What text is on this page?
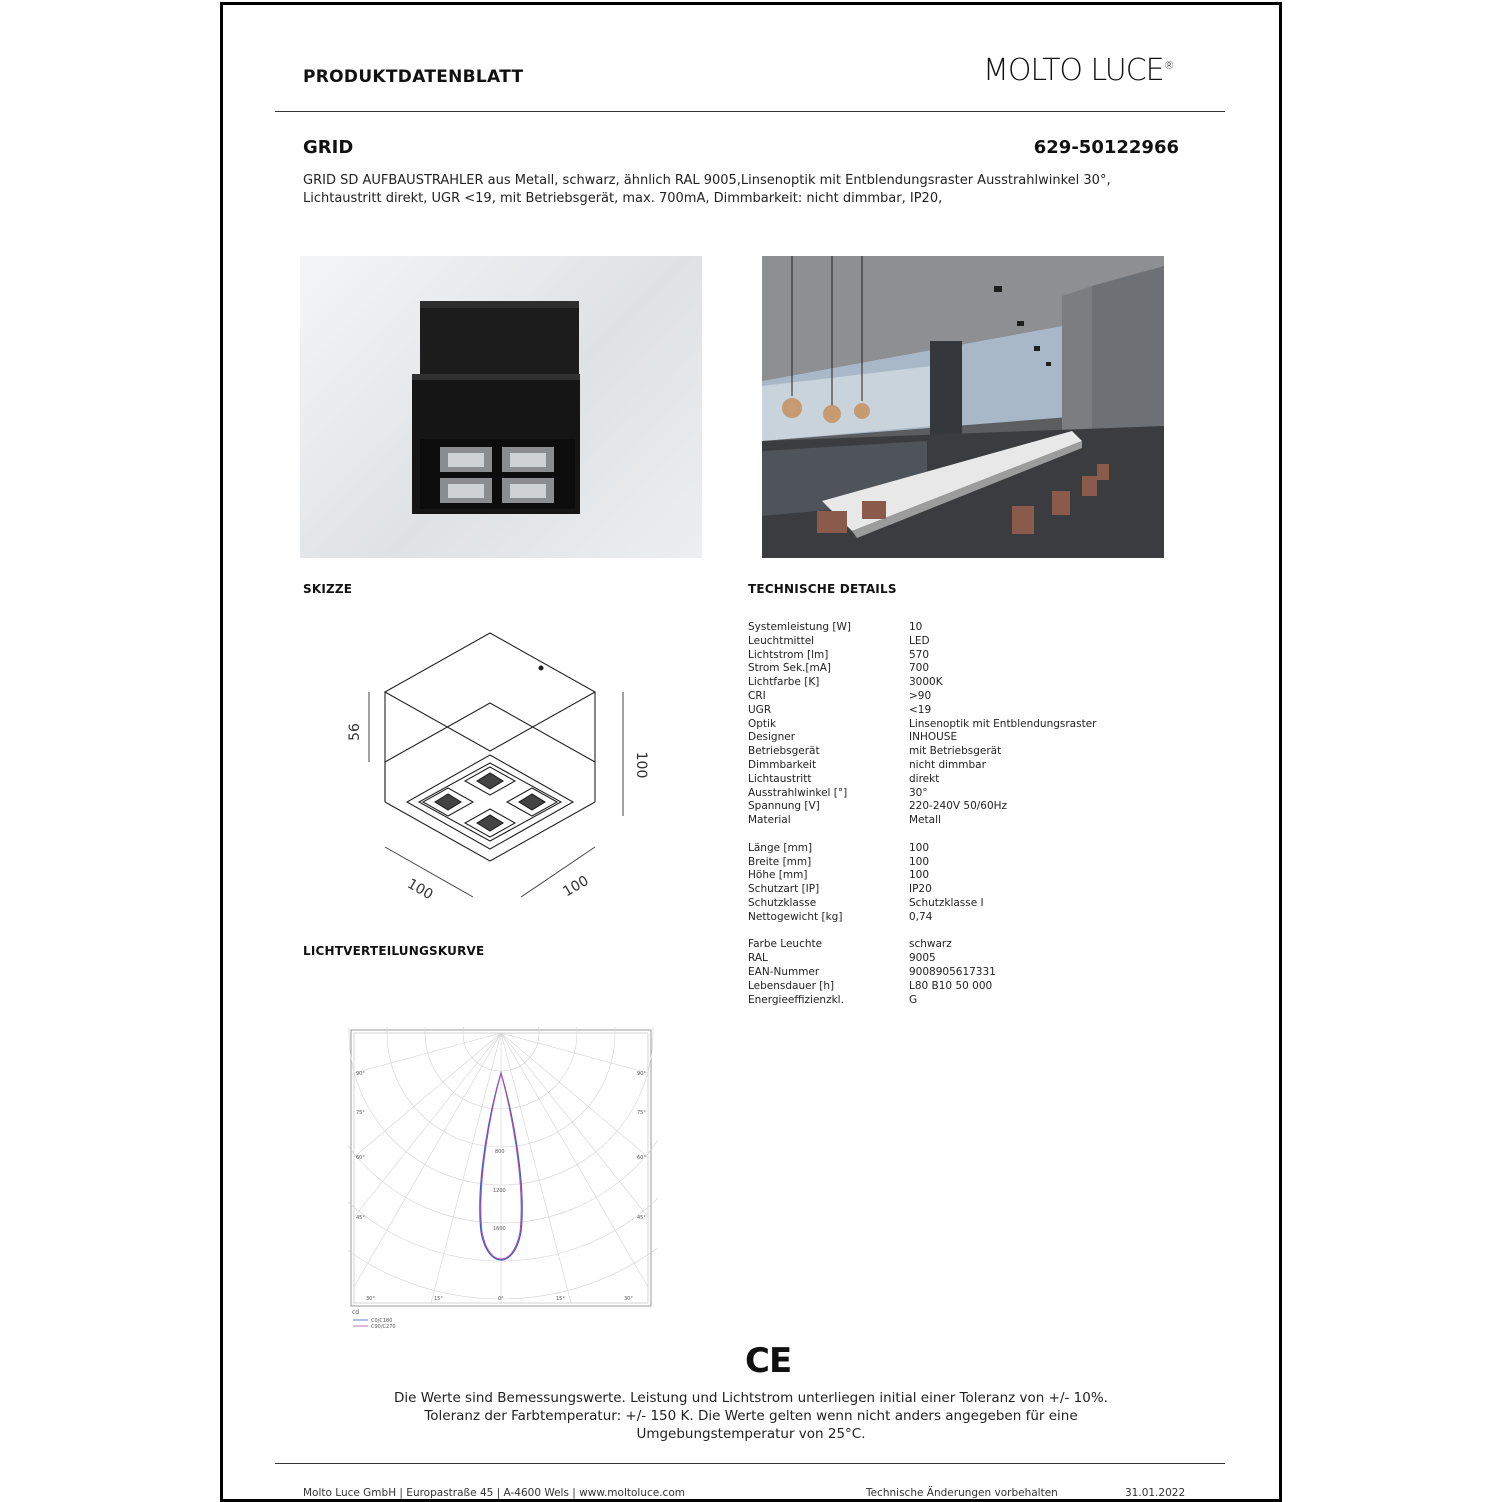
PRODUKTDATENBLATT	MOLTO LUCE®
GRID	629-50122966
GRID SD AUFBAUSTRAHLER aus Metall, schwarz, ähnlich RAL 9005,Linsenoptik mit Entblendungsraster Ausstrahlwinkel 30°, Lichtaustritt direkt, UGR <19, mit Betriebsgerät, max. 700mA, Dimmbarkeit: nicht dimmbar, IP20,
SKIZZE	TECHNISCHE DETAILS
56
100
100	100
LICHTVERTEILUNGSKURVE
90°
75°
60°
45°
90°
75°
60°
45°
30°	15°	0°	15°	30°
800
1200
1600
cd
C0/C180
C90/C270
Systemleistung [W]	10
Leuchtmittel	LED
Lichtstrom [lm]	570
Strom Sek.[mA]	700
Lichtfarbe [K]	3000K
CRI	>90
UGR	<19
Optik	Linsenoptik mit Entblendungsraster
Designer	INHOUSE
Betriebsgerät	mit Betriebsgerät
Dimmbarkeit	nicht dimmbar
Lichtaustritt	direkt
Ausstrahlwinkel [°]	30°
Spannung [V]	220-240V 50/60Hz
Material	Metall
Länge [mm]	100
Breite [mm]	100
Höhe [mm]	100
Schutzart [IP]	IP20
Schutzklasse	Schutzklasse I
Nettogewicht [kg]	0,74
Farbe Leuchte	schwarz
RAL	9005
EAN-Nummer	9008905617331
Lebensdauer [h]	L80 B10 50 000
Energieeffizienzkl.	G
CE
Die Werte sind Bemessungswerte. Leistung und Lichtstrom unterliegen initial einer Toleranz von +/- 10%.
Toleranz der Farbtemperatur: +/- 150 K. Die Werte gelten wenn nicht anders angegeben für eine
Umgebungstemperatur von 25°C.
Molto Luce GmbH | Europastraße 45 | A-4600 Wels | www.moltoluce.com	Technische Änderungen vorbehalten	31.01.2022
